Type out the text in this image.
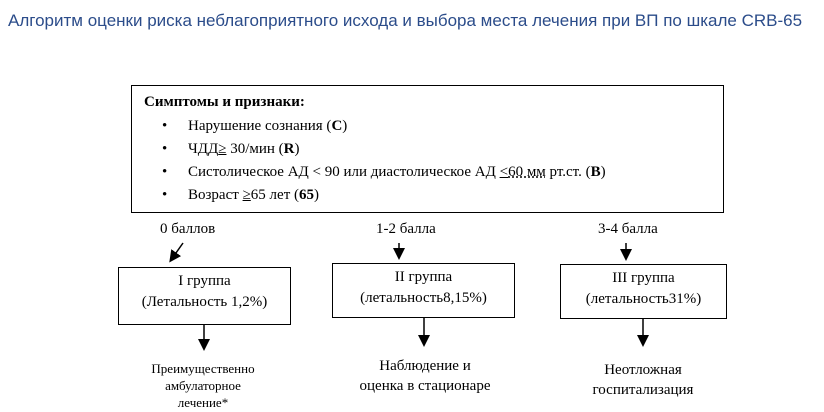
Алгоритм оценки риска неблагоприятного исхода и выбора места лечения при ВП по шкале CRB-65
Симптомы и признаки:
• Нарушение сознания (С)
• ЧДД≥ 30/мин (R)
• Систолическое АД < 90 или диастолическое АД <60 мм рт.ст. (B)
• Возраст ≥65 лет (65)
0 баллов	1-2 балла	3-4 балла
I группа
(Летальность 1,2%)
II группа
(летальность8,15%)
III группа
(летальность31%)
Преимущественно
амбулаторное
лечение*
Наблюдение и
оценка в стационаре
Неотложная
госпитализация
